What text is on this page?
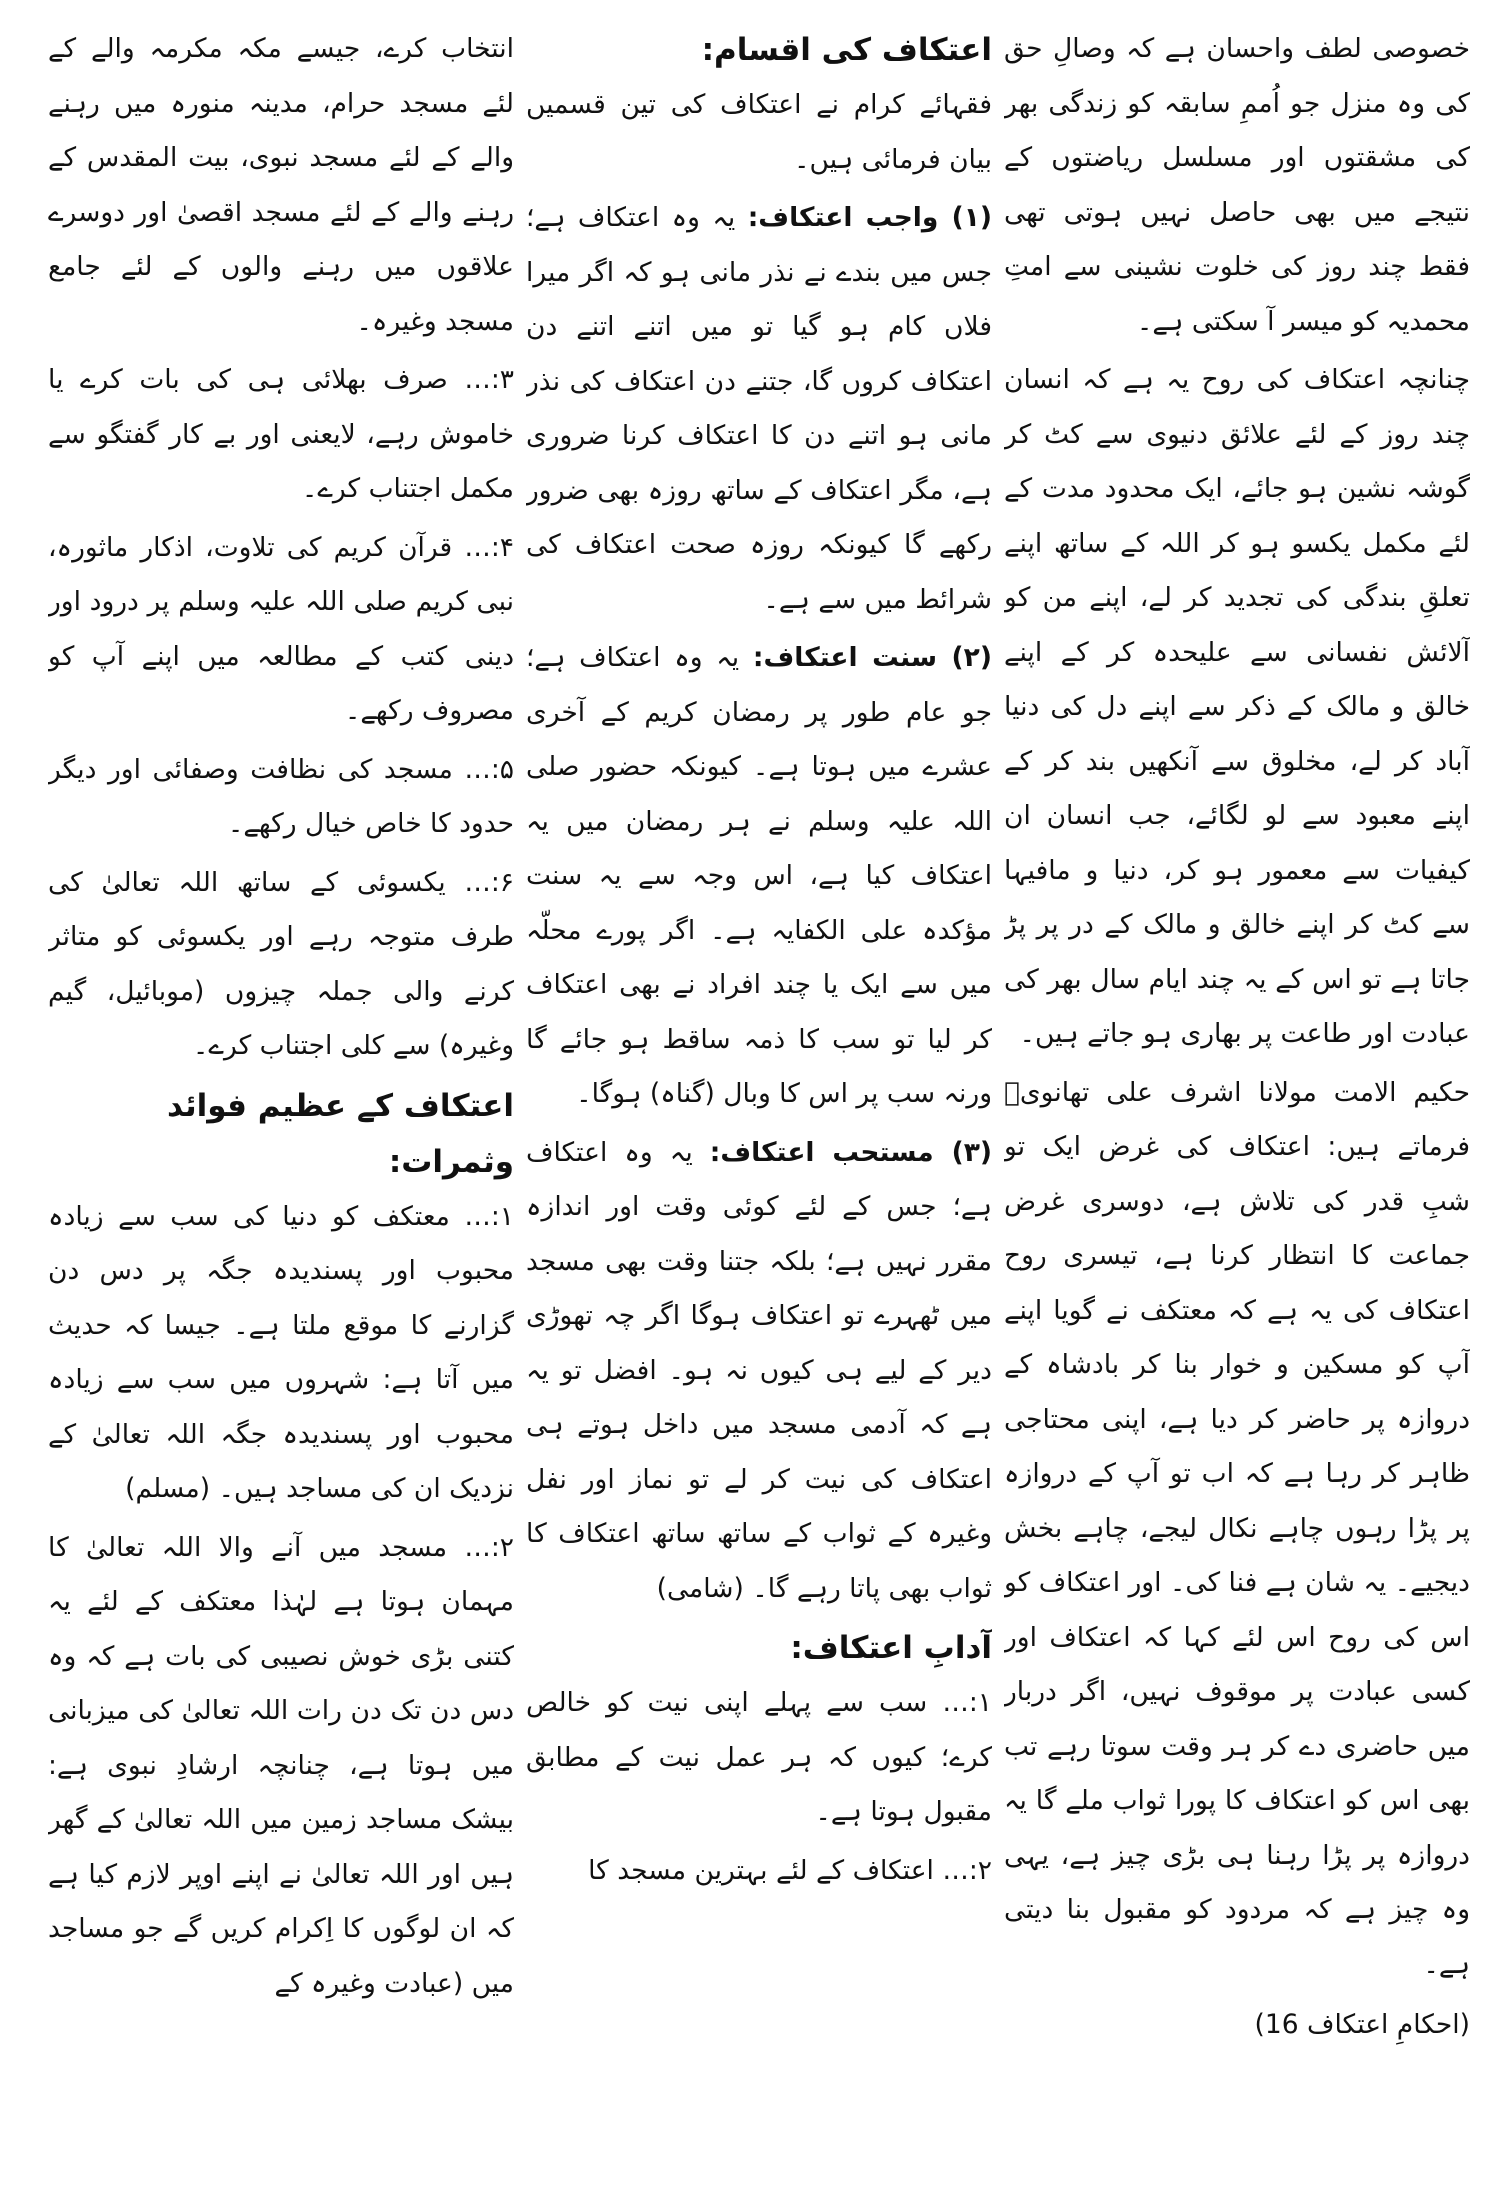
خصوصی لطف واحسان ہے کہ وصالِ حق کی وہ منزل جو اُممِ سابقہ کو زندگی بھر کی مشقتوں اور مسلسل ریاضتوں کے نتیجے میں بھی حاصل نہیں ہوتی تھی فقط چند روز کی خلوت نشینی سے امتِ محمدیہ کو میسر آ سکتی ہے۔

چنانچہ اعتکاف کی روح یہ ہے کہ انسان چند روز کے لئے علائق دنیوی سے کٹ کر گوشہ نشین ہو جائے، ایک محدود مدت کے لئے مکمل یکسو ہو کر اللہ کے ساتھ اپنے تعلقِ بندگی کی تجدید کر لے، اپنے من کو آلائش نفسانی سے علیحدہ کر کے اپنے خالق و مالک کے ذکر سے اپنے دل کی دنیا آباد کر لے، مخلوق سے آنکھیں بند کر کے اپنے معبود سے لو لگائے، جب انسان ان کیفیات سے معمور ہو کر، دنیا و مافیہا سے کٹ کر اپنے خالق و مالک کے در پر پڑ جاتا ہے تو اس کے یہ چند ایام سال بھر کی عبادت اور طاعت پر بھاری ہو جاتے ہیں۔

حکیم الامت مولانا اشرف علی تھانویؒ فرماتے ہیں: اعتکاف کی غرض ایک تو شبِ قدر کی تلاش ہے، دوسری غرض جماعت کا انتظار کرنا ہے، تیسری روح اعتکاف کی یہ ہے کہ معتکف نے گویا اپنے آپ کو مسکین و خوار بنا کر بادشاہ کے دروازہ پر حاضر کر دیا ہے، اپنی محتاجی ظاہر کر رہا ہے کہ اب تو آپ کے دروازہ پر پڑا رہوں چاہے نکال لیجے، چاہے بخش دیجیے۔ یہ شان ہے فنا کی۔ اور اعتکاف کو اس کی روح اس لئے کہا کہ اعتکاف اور کسی عبادت پر موقوف نہیں، اگر دربار میں حاضری دے کر ہر وقت سوتا رہے تب بھی اس کو اعتکاف کا پورا ثواب ملے گا یہ دروازہ پر پڑا رہنا ہی بڑی چیز ہے، یہی وہ چیز ہے کہ مردود کو مقبول بنا دیتی ہے۔

(احکامِ اعتکاف 16)

اعتکاف کی اقسام:

فقہائے کرام نے اعتکاف کی تین قسمیں بیان فرمائی ہیں۔

(۱) واجب اعتکاف: یہ وہ اعتکاف ہے؛ جس میں بندے نے نذر مانی ہو کہ اگر میرا فلاں کام ہو گیا تو میں اتنے اتنے دن اعتکاف کروں گا، جتنے دن اعتکاف کی نذر مانی ہو اتنے دن کا اعتکاف کرنا ضروری ہے، مگر اعتکاف کے ساتھ روزہ بھی ضرور رکھے گا کیونکہ روزہ صحت اعتکاف کی شرائط میں سے ہے۔

(۲) سنت اعتکاف: یہ وہ اعتکاف ہے؛ جو عام طور پر رمضان کریم کے آخری عشرے میں ہوتا ہے۔ کیونکہ حضور صلی اللہ علیہ وسلم نے ہر رمضان میں یہ اعتکاف کیا ہے، اس وجہ سے یہ سنت مؤکدہ علی الکفایہ ہے۔ اگر پورے محلّہ میں سے ایک یا چند افراد نے بھی اعتکاف کر لیا تو سب کا ذمہ ساقط ہو جائے گا ورنہ سب پر اس کا وبال (گناہ) ہوگا۔

(۳) مستحب اعتکاف: یہ وہ اعتکاف ہے؛ جس کے لئے کوئی وقت اور اندازہ مقرر نہیں ہے؛ بلکہ جتنا وقت بھی مسجد میں ٹھہرے تو اعتکاف ہوگا اگر چہ تھوڑی دیر کے لیے ہی کیوں نہ ہو۔ افضل تو یہ ہے کہ آدمی مسجد میں داخل ہوتے ہی اعتکاف کی نیت کر لے تو نماز اور نفل وغیرہ کے ثواب کے ساتھ ساتھ اعتکاف کا ثواب بھی پاتا رہے گا۔ (شامی)

آدابِ اعتکاف:

۱:… سب سے پہلے اپنی نیت کو خالص کرے؛ کیوں کہ ہر عمل نیت کے مطابق مقبول ہوتا ہے۔

۲:… اعتکاف کے لئے بہترین مسجد کا

انتخاب کرے، جیسے مکہ مکرمہ والے کے لئے مسجد حرام، مدینہ منورہ میں رہنے والے کے لئے مسجد نبوی، بیت المقدس کے رہنے والے کے لئے مسجد اقصیٰ اور دوسرے علاقوں میں رہنے والوں کے لئے جامع مسجد وغیرہ۔

۳:… صرف بھلائی ہی کی بات کرے یا خاموش رہے، لایعنی اور بے کار گفتگو سے مکمل اجتناب کرے۔

۴:… قرآن کریم کی تلاوت، اذکار ماثورہ، نبی کریم صلی اللہ علیہ وسلم پر درود اور دینی کتب کے مطالعہ میں اپنے آپ کو مصروف رکھے۔

۵:… مسجد کی نظافت وصفائی اور دیگر حدود کا خاص خیال رکھے۔

۶:… یکسوئی کے ساتھ اللہ تعالیٰ کی طرف متوجہ رہے اور یکسوئی کو متاثر کرنے والی جملہ چیزوں (موبائیل، گیم وغیرہ) سے کلی اجتناب کرے۔

اعتکاف کے عظیم فوائد وثمرات:

۱:… معتکف کو دنیا کی سب سے زیادہ محبوب اور پسندیدہ جگہ پر دس دن گزارنے کا موقع ملتا ہے۔ جیسا کہ حدیث میں آتا ہے: شہروں میں سب سے زیادہ محبوب اور پسندیدہ جگہ اللہ تعالیٰ کے نزدیک ان کی مساجد ہیں۔ (مسلم)

۲:… مسجد میں آنے والا اللہ تعالیٰ کا مہمان ہوتا ہے لہٰذا معتکف کے لئے یہ کتنی بڑی خوش نصیبی کی بات ہے کہ وہ دس دن تک دن رات اللہ تعالیٰ کی میزبانی میں ہوتا ہے، چنانچہ ارشادِ نبوی ہے: بیشک مساجد زمین میں اللہ تعالیٰ کے گھر ہیں اور اللہ تعالیٰ نے اپنے اوپر لازم کیا ہے کہ ان لوگوں کا اِکرام کریں گے جو مساجد میں (عبادت وغیرہ کے
